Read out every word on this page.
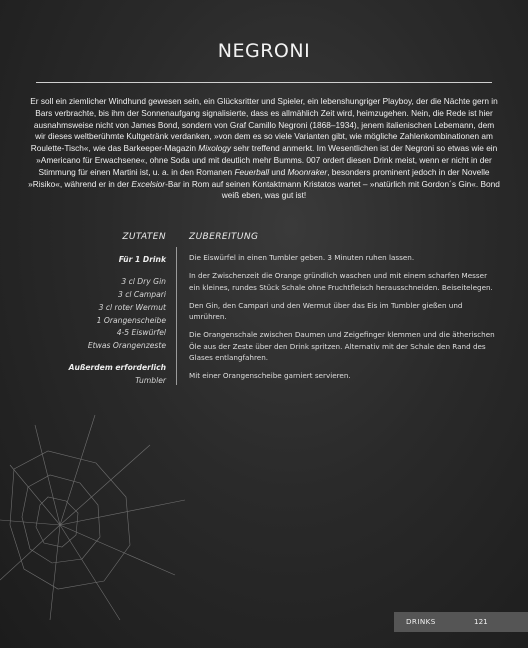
NEGRONI
Er soll ein ziemlicher Windhund gewesen sein, ein Glücksritter und Spieler, ein lebenshungriger Playboy, der die Nächte gern in Bars verbrachte, bis ihm der Sonnenaufgang signalisierte, dass es allmählich Zeit wird, heimzugehen. Nein, die Rede ist hier ausnahmsweise nicht von James Bond, sondern von Graf Camillo Negroni (1868–1934), jenem italienischen Lebemann, dem wir dieses weltberühmte Kultgetränk verdanken, »von dem es so viele Varianten gibt, wie mögliche Zahlenkombinationen am Roulette-Tisch«, wie das Barkeeper-Magazin Mixology sehr treffend anmerkt. Im Wesentlichen ist der Negroni so etwas wie ein »Americano für Erwachsene«, ohne Soda und mit deutlich mehr Bumms. 007 ordert diesen Drink meist, wenn er nicht in der Stimmung für einen Martini ist, u. a. in den Romanen Feuerball und Moonraker, besonders prominent jedoch in der Novelle »Risiko«, während er in der Excelsior-Bar in Rom auf seinen Kontaktmann Kristatos wartet – »natürlich mit Gordon´s Gin«. Bond weiß eben, was gut ist!
ZUTATEN	ZUBEREITUNG
Für 1 Drink
3 cl Dry Gin
3 cl Campari
3 cl roter Wermut
1 Orangenscheibe
4-5 Eiswürfel
Etwas Orangenzeste
Außerdem erforderlich
Tumbler

Die Eiswürfel in einen Tumbler geben. 3 Minuten ruhen lassen.

In der Zwischenzeit die Orange gründlich waschen und mit einem scharfen Messer ein kleines, rundes Stück Schale ohne Fruchtfleisch herausschneiden. Beiseitelegen.

Den Gin, den Campari und den Wermut über das Eis im Tumbler gießen und umrühren.

Die Orangenschale zwischen Daumen und Zeigefinger klemmen und die ätherischen Öle aus der Zeste über den Drink spritzen. Alternativ mit der Schale den Rand des Glases entlangfahren.

Mit einer Orangenscheibe garniert servieren.

DRINKS	121
